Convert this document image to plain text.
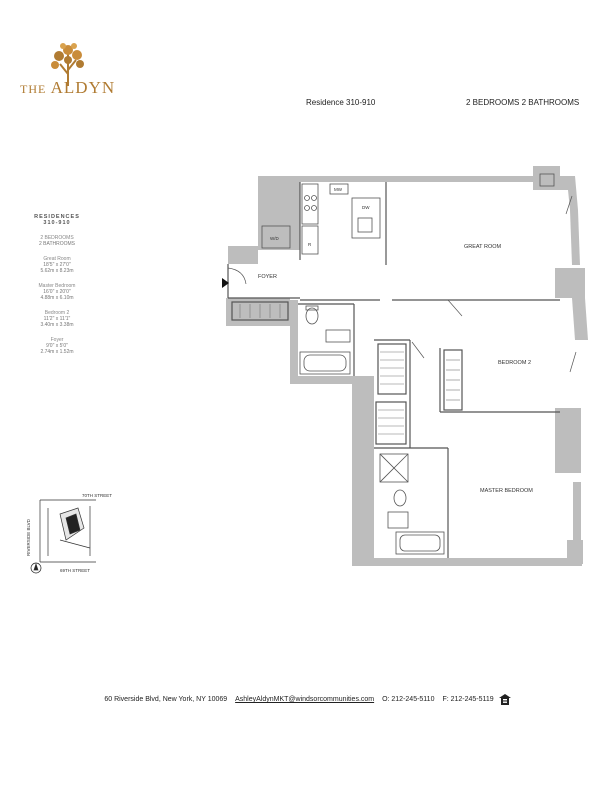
THE ALDYN
Residence 310-910	2 BEDROOMS 2 BATHROOMS
RESIDENCES
310-910
2 BEDROOMS
2 BATHROOMS
Great Room
18'5" x 27'0"
5.62m x 8.23m
Master Bedroom
16'0" x 20'0"
4.88m x 6.10m
Bedroom 2
11'2" x 11'1"
3.40m x 3.38m
Foyer
9'0" x 5'0"
2.74m x 1.52m
GREAT ROOM
BEDROOM 2
MASTER BEDROOM
FOYER
W/D
DW
MW
R
70TH STREET
69TH STREET
RIVERSIDE BLVD
60 Riverside Blvd, New York, NY 10069 AshleyAldynMKT@windsorcommunities.com O: 212-245-5110 F: 212-245-5119
